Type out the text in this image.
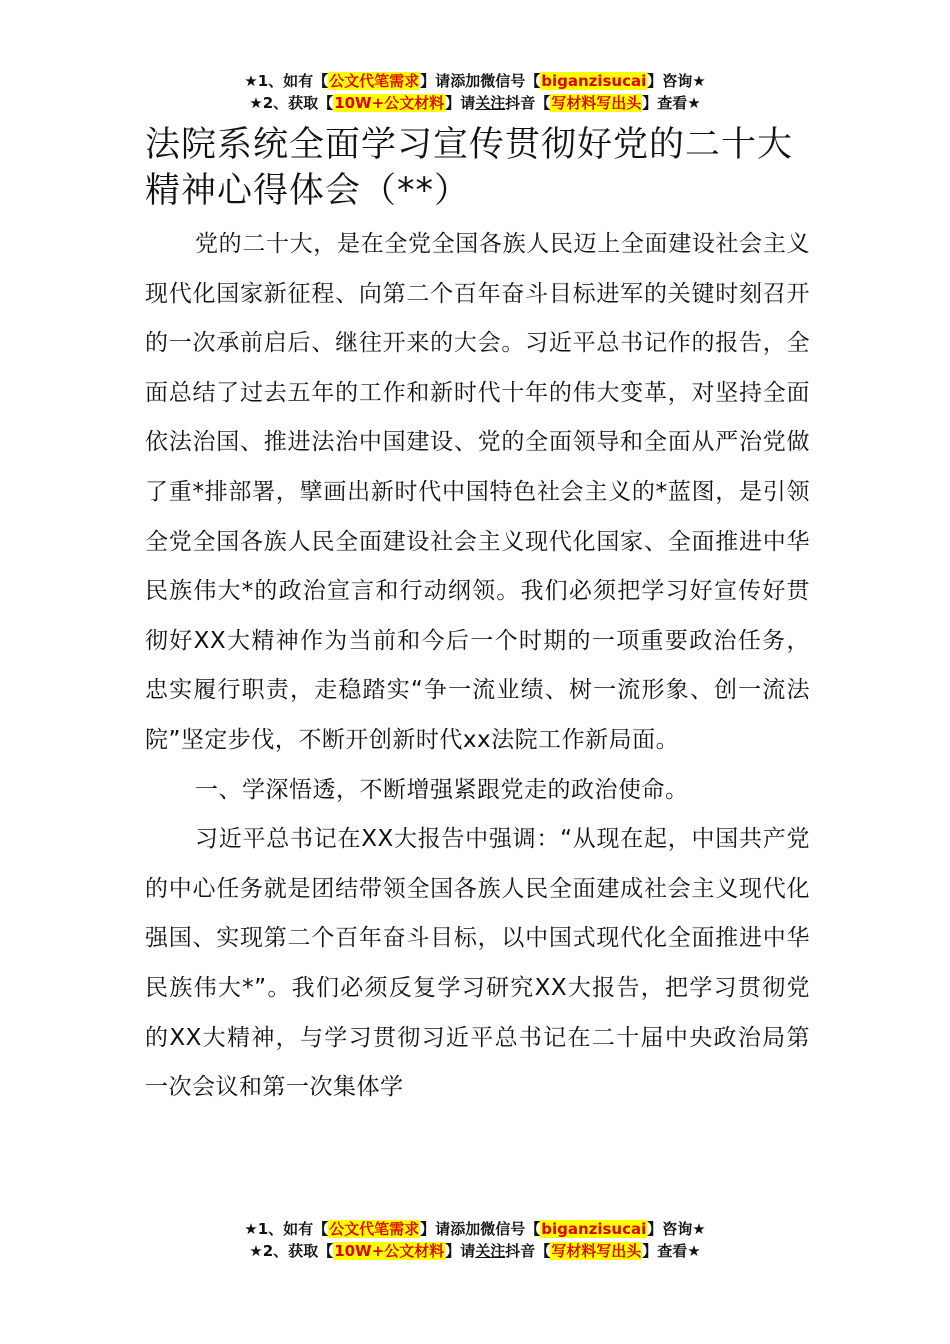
★1、如有【公文代笔需求】请添加微信号【biganzisucai】咨询★
★2、获取【10W+公文材料】请关注抖音【写材料写出头】查看★
法院系统全面学习宣传贯彻好党的二十大精神心得体会（**）

党的二十大，是在全党全国各族人民迈上全面建设社会主义现代化国家新征程、向第二个百年奋斗目标进军的关键时刻召开的一次承前启后、继往开来的大会。习近平总书记作的报告，全面总结了过去五年的工作和新时代十年的伟大变革，对坚持全面依法治国、推进法治中国建设、党的全面领导和全面从严治党做了重*排部署，擘画出新时代中国特色社会主义的*蓝图，是引领全党全国各族人民全面建设社会主义现代化国家、全面推进中华民族伟大*的政治宣言和行动纲领。我们必须把学习好宣传好贯彻好XX大精神作为当前和今后一个时期的一项重要政治任务，忠实履行职责，走稳踏实“争一流业绩、树一流形象、创一流法院”坚定步伐，不断开创新时代xx法院工作新局面。

一、学深悟透，不断增强紧跟党走的政治使命。

习近平总书记在XX大报告中强调：“从现在起，中国共产党的中心任务就是团结带领全国各族人民全面建成社会主义现代化强国、实现第二个百年奋斗目标，以中国式现代化全面推进中华民族伟大*”。我们必须反复学习研究XX大报告，把学习贯彻党的XX大精神，与学习贯彻习近平总书记在二十届中央政治局第一次会议和第一次集体学

★1、如有【公文代笔需求】请添加微信号【biganzisucai】咨询★
★2、获取【10W+公文材料】请关注抖音【写材料写出头】查看★
